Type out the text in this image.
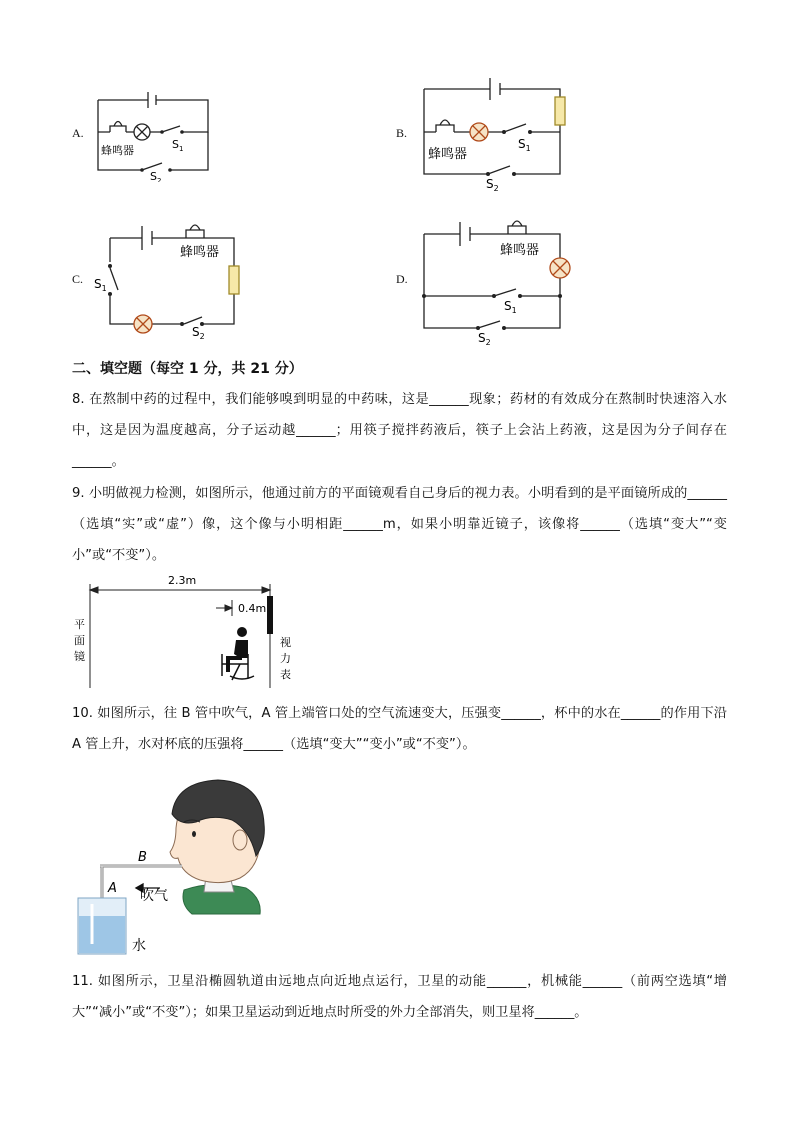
A.
蜂鸣器	$S_1$
$S_2$
B.
蜂鸣器
$S_1$
$S_2$
C.
蜂鸣器
$S_1$
$S_2$
D.
蜂鸣器
$S_1$
$S_2$
二、填空题（每空 1 分，共 21 分）
8. 在熬制中药的过程中，我们能够嗅到明显的中药味，这是______现象；药材的有效成分在熬制时快速溶入水中，这是因为温度越高，分子运动越______；用筷子搅拌药液后，筷子上会沾上药液，这是因为分子间存在______。
9. 小明做视力检测，如图所示，他通过前方的平面镜观看自己身后的视力表。小明看到的是平面镜所成的______（选填“实”或“虚”）像，这个像与小明相距______m，如果小明靠近镜子，该像将______（选填“变大”“变小”或“不变”）。
2.3m
0.4m
平
面
镜
视
力
表
10. 如图所示，往 B 管中吹气，A 管上端管口处的空气流速变大，压强变______，杯中的水在______的作用下沿 A 管上升，水对杯底的压强将______（选填“变大”“变小”或“不变”）。
B
A 吹气
水
11. 如图所示，卫星沿椭圆轨道由远地点向近地点运行，卫星的动能______，机械能______（前两空选填“增大”“减小”或“不变”）；如果卫星运动到近地点时所受的外力全部消失，则卫星将______。
